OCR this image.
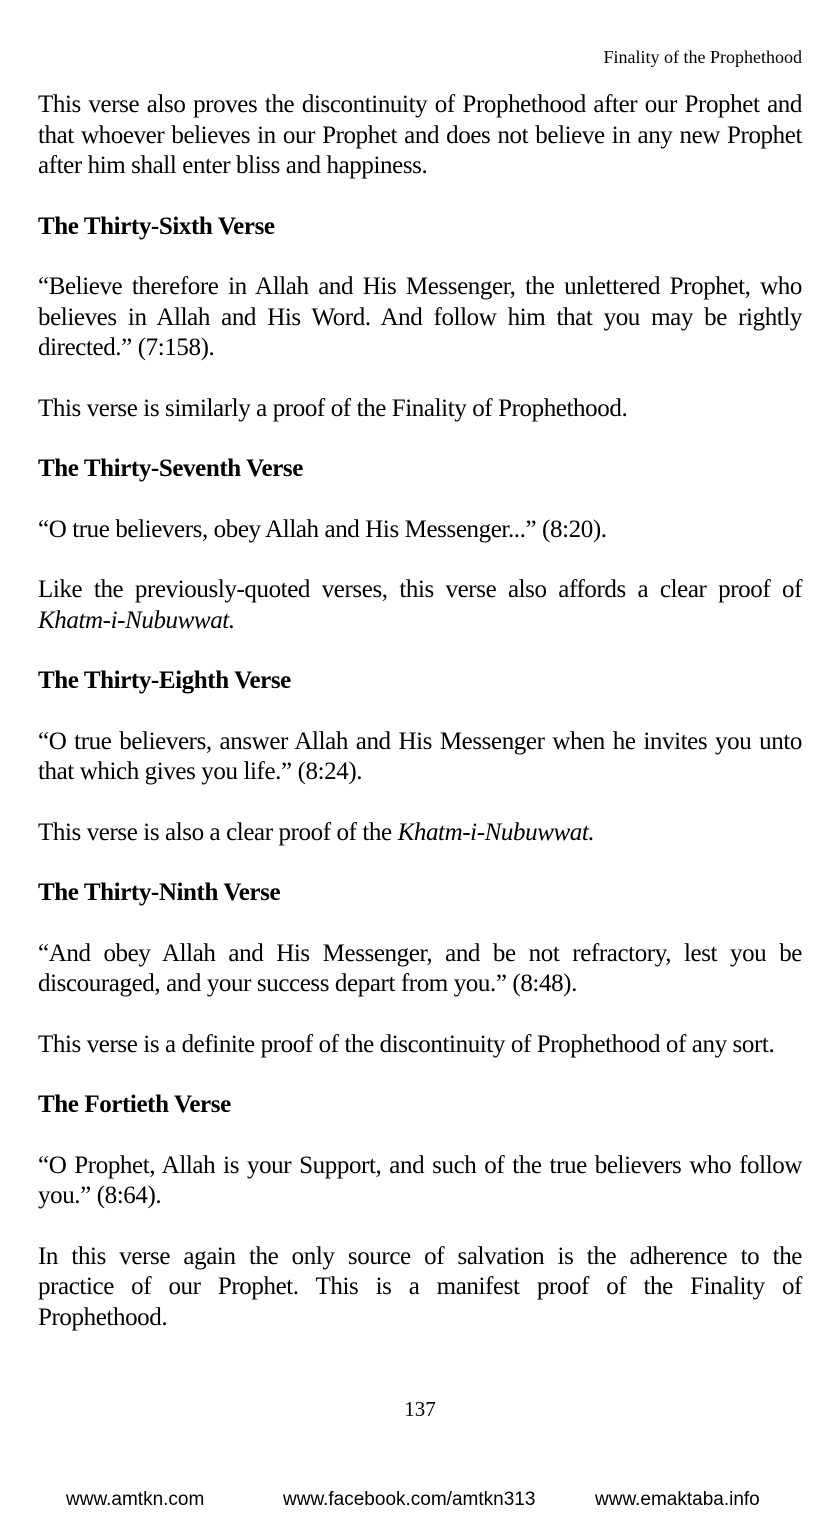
Finality of the Prophethood

This verse also proves the discontinuity of Prophethood after our Prophet and that whoever believes in our Prophet and does not believe in any new Prophet after him shall enter bliss and happiness.

The Thirty-Sixth Verse

“Believe therefore in Allah and His Messenger, the unlettered Prophet, who believes in Allah and His Word. And follow him that you may be rightly directed.” (7:158).

This verse is similarly a proof of the Finality of Prophethood.

The Thirty-Seventh Verse

“O true believers, obey Allah and His Messenger...” (8:20).

Like the previously-quoted verses, this verse also affords a clear proof of Khatm-i-Nubuwwat.

The Thirty-Eighth Verse

“O true believers, answer Allah and His Messenger when he invites you unto that which gives you life.” (8:24).

This verse is also a clear proof of the Khatm-i-Nubuwwat.

The Thirty-Ninth Verse

“And obey Allah and His Messenger, and be not refractory, lest you be discouraged, and your success depart from you.” (8:48).

This verse is a definite proof of the discontinuity of Prophethood of any sort.

The Fortieth Verse

“O Prophet, Allah is your Support, and such of the true believers who follow you.” (8:64).

In this verse again the only source of salvation is the adherence to the

practice of our Prophet. This is a manifest proof of the Finality of

Prophethood.

137
www.amtkn.com	www.facebook.com/amtkn313	www.emaktaba.info
